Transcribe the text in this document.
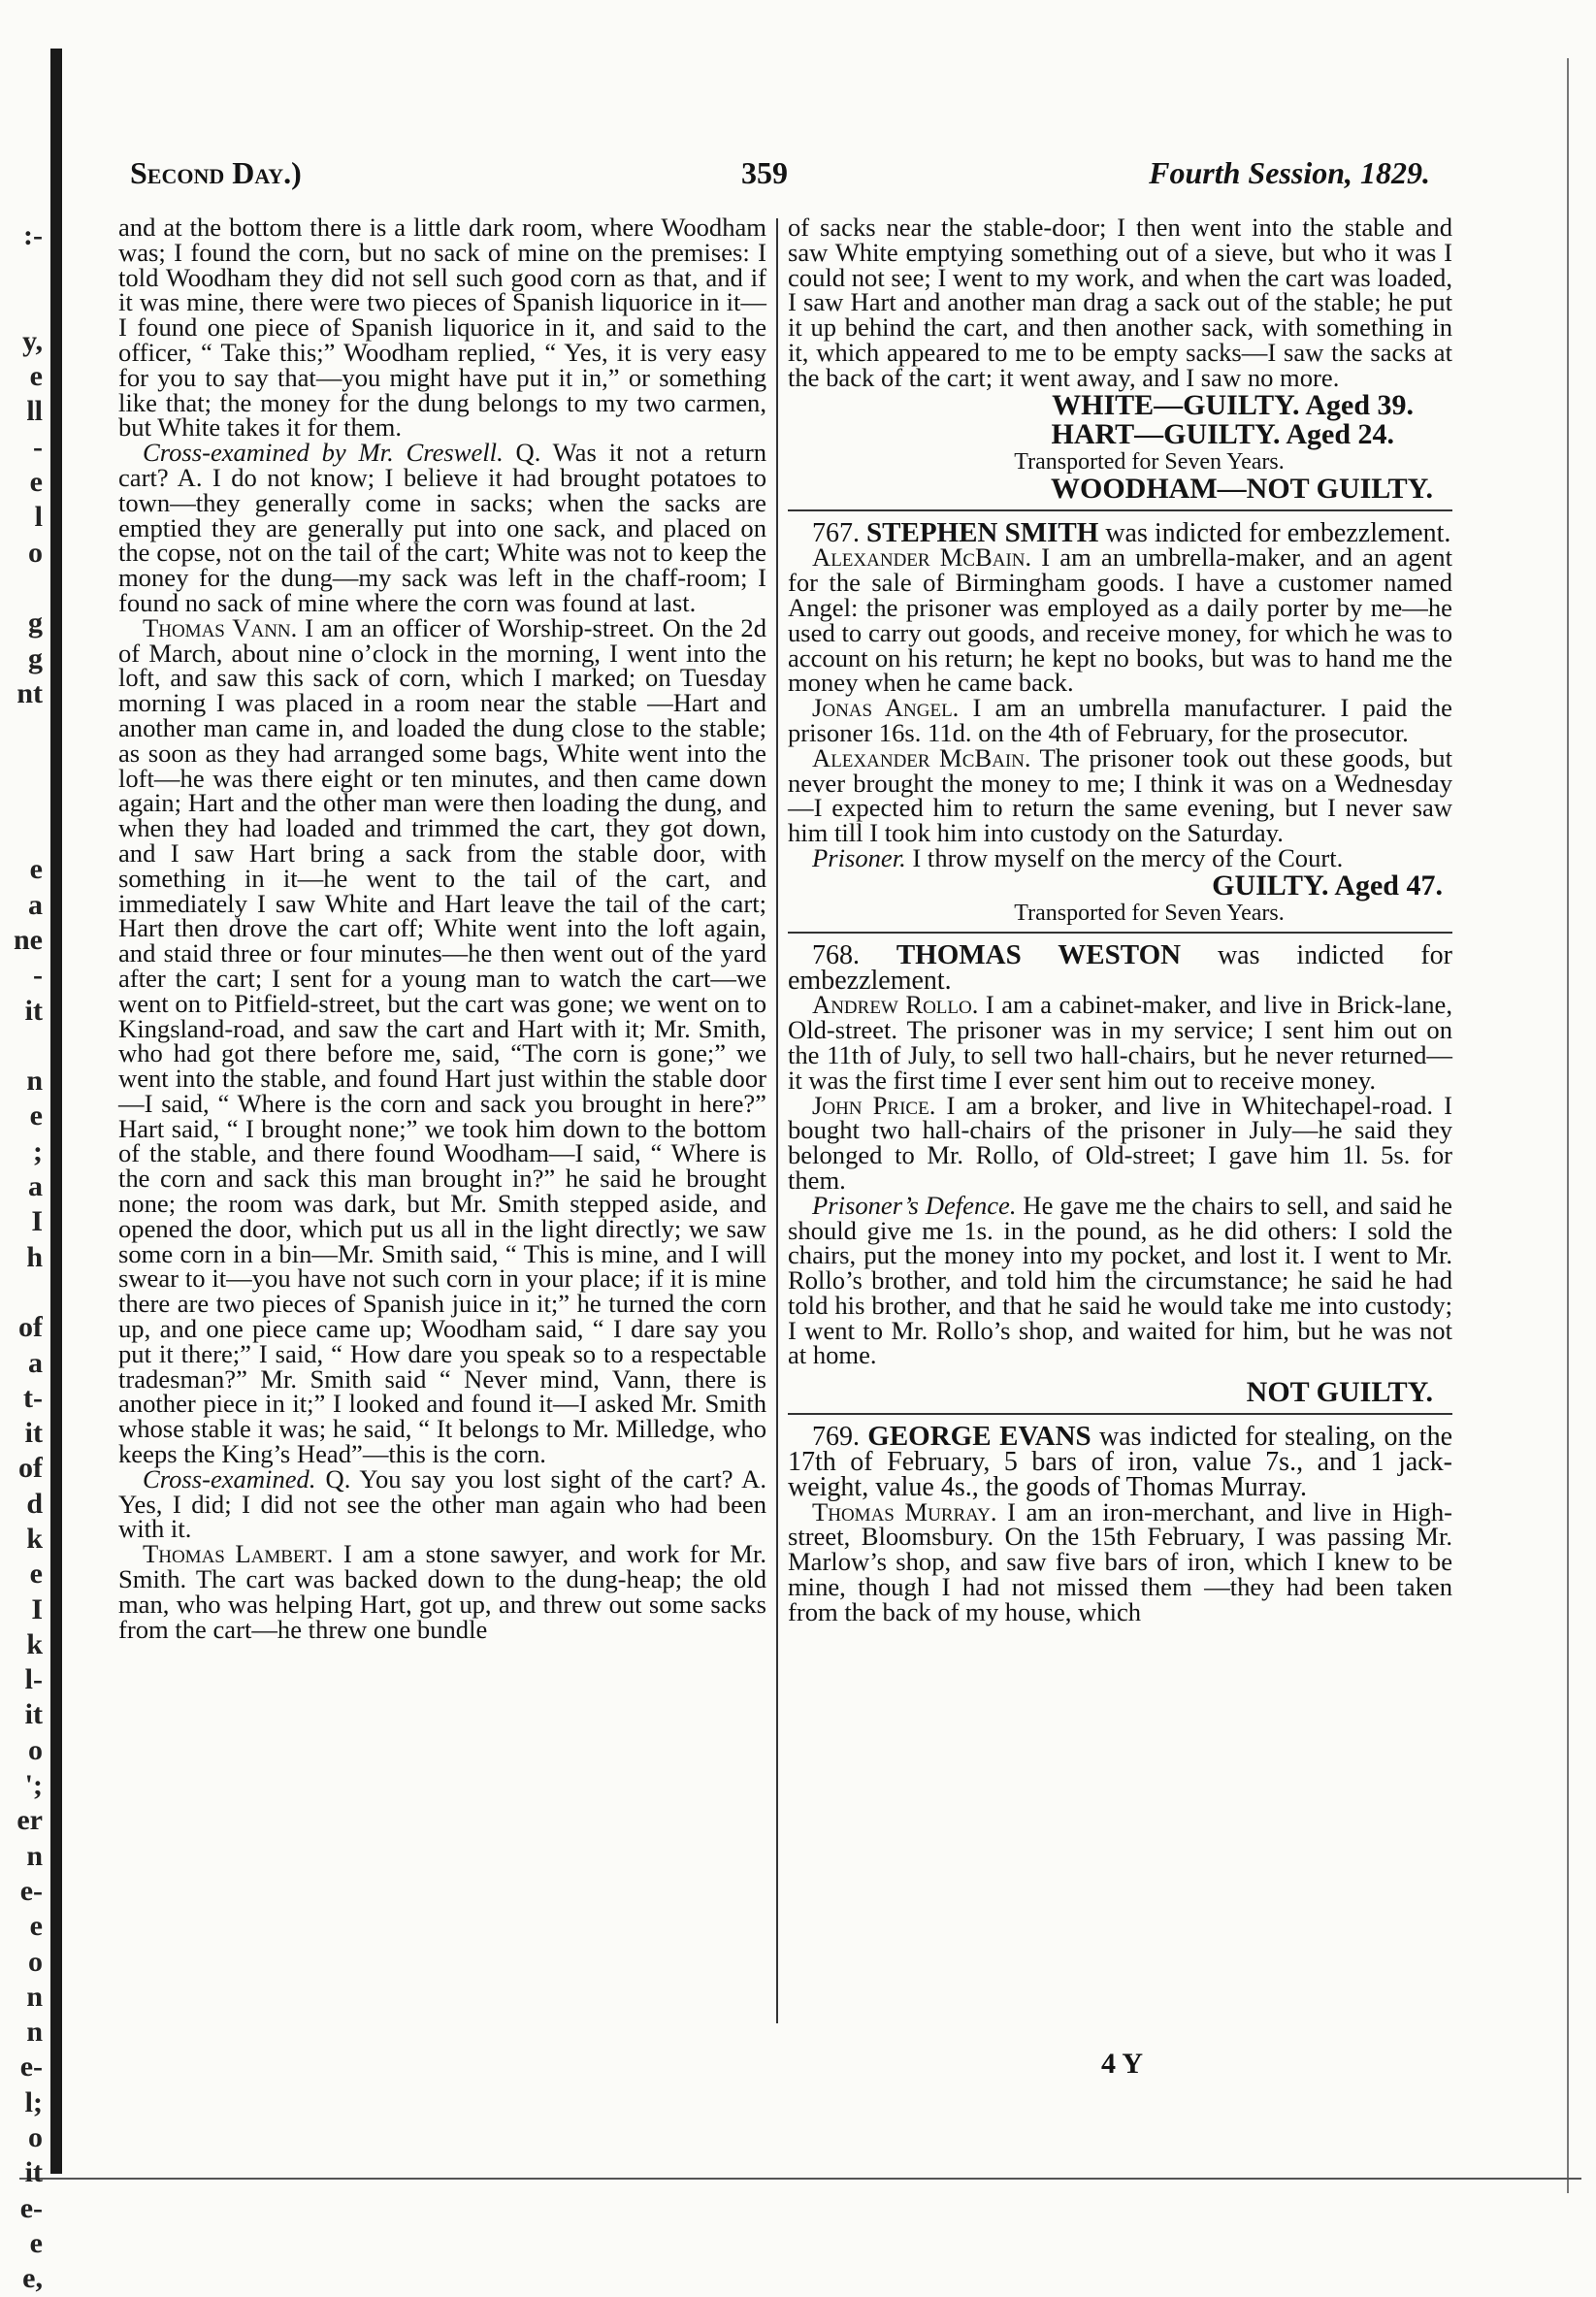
:-

y,
e
ll
-
e
l
o

g
g
nt

e
a
ne
-
it

n
e
;
a
I
h

of
a
t-
it
of
d
k
e
I
k
l-
it
o
';
er
n
e-
e
o
n
n
e-
l;
o
it
e-
e
e,
Second Day.)	359	Fourth Session, 1829.

and at the bottom there is a little dark room, where Woodham was; I found the corn, but no sack of mine on the premises: I told Woodham they did not sell such good corn as that, and if it was mine, there were two pieces of Spanish liquorice in it—I found one piece of Spanish liquorice in it, and said to the officer, “ Take this;” Woodham replied, “ Yes, it is very easy for you to say that—you might have put it in,” or something like that; the money for the dung belongs to my two carmen, but White takes it for them.

Cross-examined by Mr. Creswell. Q. Was it not a return cart? A. I do not know; I believe it had brought potatoes to town—they generally come in sacks; when the sacks are emptied they are generally put into one sack, and placed on the copse, not on the tail of the cart; White was not to keep the money for the dung—my sack was left in the chaff-room; I found no sack of mine where the corn was found at last.

Thomas Vann. I am an officer of Worship-street. On the 2d of March, about nine o’clock in the morning, I went into the loft, and saw this sack of corn, which I marked; on Tuesday morning I was placed in a room near the stable —Hart and another man came in, and loaded the dung close to the stable; as soon as they had arranged some bags, White went into the loft—he was there eight or ten minutes, and then came down again; Hart and the other man were then loading the dung, and when they had loaded and trimmed the cart, they got down, and I saw Hart bring a sack from the stable door, with something in it—he went to the tail of the cart, and immediately I saw White and Hart leave the tail of the cart; Hart then drove the cart off; White went into the loft again, and staid three or four minutes—he then went out of the yard after the cart; I sent for a young man to watch the cart—we went on to Pitfield-street, but the cart was gone; we went on to Kingsland-road, and saw the cart and Hart with it; Mr. Smith, who had got there before me, said, “The corn is gone;” we went into the stable, and found Hart just within the stable door—I said, “ Where is the corn and sack you brought in here?” Hart said, “ I brought none;” we took him down to the bottom of the stable, and there found Woodham—I said, “ Where is the corn and sack this man brought in?” he said he brought none; the room was dark, but Mr. Smith stepped aside, and opened the door, which put us all in the light directly; we saw some corn in a bin—Mr. Smith said, “ This is mine, and I will swear to it—you have not such corn in your place; if it is mine there are two pieces of Spanish juice in it;” he turned the corn up, and one piece came up; Woodham said, “ I dare say you put it there;” I said, “ How dare you speak so to a respectable tradesman?” Mr. Smith said “ Never mind, Vann, there is another piece in it;” I looked and found it—I asked Mr. Smith whose stable it was; he said, “ It belongs to Mr. Milledge, who keeps the King’s Head”—this is the corn.

Cross-examined. Q. You say you lost sight of the cart? A. Yes, I did; I did not see the other man again who had been with it.

Thomas Lambert. I am a stone sawyer, and work for Mr. Smith. The cart was backed down to the dung-heap; the old man, who was helping Hart, got up, and threw out some sacks from the cart—he threw one bundle

of sacks near the stable-door; I then went into the stable and saw White emptying something out of a sieve, but who it was I could not see; I went to my work, and when the cart was loaded, I saw Hart and another man drag a sack out of the stable; he put it up behind the cart, and then another sack, with something in it, which appeared to me to be empty sacks—I saw the sacks at the back of the cart; it went away, and I saw no more.

WHITE—GUILTY. Aged 39.
HART—GUILTY. Aged 24.
Transported for Seven Years.
WOODHAM—NOT GUILTY.

767. STEPHEN SMITH was indicted for embezzlement.

Alexander McBain. I am an umbrella-maker, and an agent for the sale of Birmingham goods. I have a customer named Angel: the prisoner was employed as a daily porter by me—he used to carry out goods, and receive money, for which he was to account on his return; he kept no books, but was to hand me the money when he came back.

Jonas Angel. I am an umbrella manufacturer. I paid the prisoner 16s. 11d. on the 4th of February, for the prosecutor.

Alexander McBain. The prisoner took out these goods, but never brought the money to me; I think it was on a Wednesday—I expected him to return the same evening, but I never saw him till I took him into custody on the Saturday.

Prisoner. I throw myself on the mercy of the Court.

GUILTY. Aged 47.
Transported for Seven Years.

768. THOMAS WESTON was indicted for embezzlement.

Andrew Rollo. I am a cabinet-maker, and live in Brick-lane, Old-street. The prisoner was in my service; I sent him out on the 11th of July, to sell two hall-chairs, but he never returned—it was the first time I ever sent him out to receive money.

John Price. I am a broker, and live in Whitechapel-road. I bought two hall-chairs of the prisoner in July—he said they belonged to Mr. Rollo, of Old-street; I gave him 1l. 5s. for them.

Prisoner’s Defence. He gave me the chairs to sell, and said he should give me 1s. in the pound, as he did others: I sold the chairs, put the money into my pocket, and lost it. I went to Mr. Rollo’s brother, and told him the circumstance; he said he had told his brother, and that he said he would take me into custody; I went to Mr. Rollo’s shop, and waited for him, but he was not at home.

NOT GUILTY.

769. GEORGE EVANS was indicted for stealing, on the 17th of February, 5 bars of iron, value 7s., and 1 jack-weight, value 4s., the goods of Thomas Murray.

Thomas Murray. I am an iron-merchant, and live in High-street, Bloomsbury. On the 15th February, I was passing Mr. Marlow’s shop, and saw five bars of iron, which I knew to be mine, though I had not missed them —they had been taken from the back of my house, which

4 Y
